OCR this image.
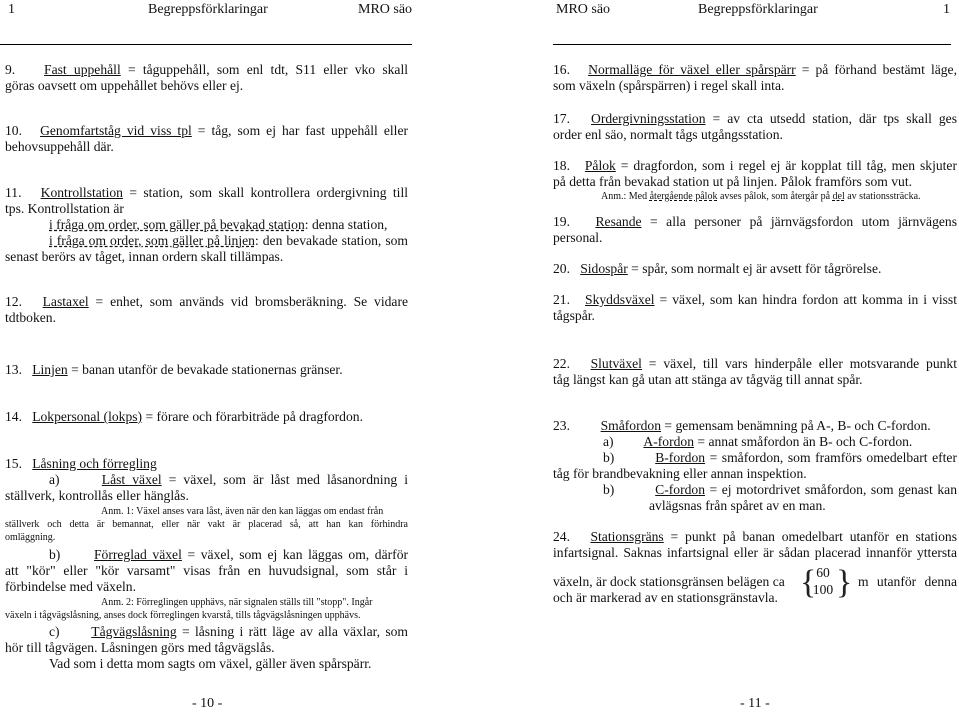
1	Begreppsförklaringar	MRO säo	MRO säo	Begreppsförklaringar	1
9. Fast uppehåll = tåguppehåll, som enl tdt, S11 eller vko skall
göras oavsett om uppehållet behövs eller ej.
10. Genomfartståg vid viss tpl = tåg, som ej har fast uppehåll eller
behovsuppehåll där.
11. Kontrollstation = station, som skall kontrollera ordergivning till
tps. Kontrollstation är
i fråga om order, som gäller på bevakad station: denna station,
i fråga om order, som gäller på linjen: den bevakade station, som
senast berörs av tåget, innan ordern skall tillämpas.
12. Lastaxel = enhet, som används vid bromsberäkning. Se vidare
tdtboken.
13. Linjen = banan utanför de bevakade stationernas gränser.
14. Lokpersonal (lokps) = förare och förarbiträde på dragfordon.
15. Låsning och förregling
a)	Låst växel = växel, som är låst med låsanordning i
ställverk, kontrollås eller hänglås.
Anm. 1: Växel anses vara låst, även när den kan läggas om endast från
ställverk och detta är bemannat, eller när vakt är placerad så, att han kan förhindra
omläggning.
b) Förreglad växel = växel, som ej kan läggas om, därför
att "kör" eller "kör varsamt" visas från en huvudsignal, som står i
förbindelse med växeln.
Anm. 2: Förreglingen upphävs, när signalen ställs till "stopp". Ingår
växeln i tågvägslåsning, anses dock förreglingen kvarstå, tills tågvägslåsningen upphävs.
c) Tågvägslåsning = låsning i rätt läge av alla växlar, som
hör till tågvägen. Låsningen görs med tågvägslås.
Vad som i detta mom sagts om växel, gäller även spårspärr.
- 10 -
16. Normalläge för växel eller spårspärr = på förhand bestämt läge,
som växeln (spårspärren) i regel skall inta.
17. Ordergivningsstation = av cta utsedd station, där tps skall ges
order enl säo, normalt tågs utgångsstation.
18. Pålok = dragfordon, som i regel ej är kopplat till tåg, men skjuter
på detta från bevakad station ut på linjen. Pålok framförs som vut.
Anm.: Med återgående pålok avses pålok, som återgår på del av stationssträcka.
19. Resande = alla personer på järnvägsfordon utom järnvägens
personal.
20. Sidospår = spår, som normalt ej är avsett för tågrörelse.
21. Skyddsväxel = växel, som kan hindra fordon att komma in i visst
tågspår.
22. Slutväxel = växel, till vars hinderpåle eller motsvarande punkt
tåg längst kan gå utan att stänga av tågväg till annat spår.
23. Småfordon = gemensam benämning på A-, B- och C-fordon.
a) A-fordon = annat småfordon än B- och C-fordon.
b)	B-fordon = småfordon, som framförs omedelbart efter
tåg för brandbevakning eller annan inspektion.
b)	C-fordon = ej motordrivet småfordon, som genast kan
avlägsnas från spåret av en man.
24. Stationsgräns = punkt på banan omedelbart utanför en stations
infartsignal. Saknas infartsignal eller är sådan placerad innanför yttersta
växeln, är dock stationsgränsen belägen ca { 60
100 } m utanför denna
och är markerad av en stationsgränstavla.
- 11 -
